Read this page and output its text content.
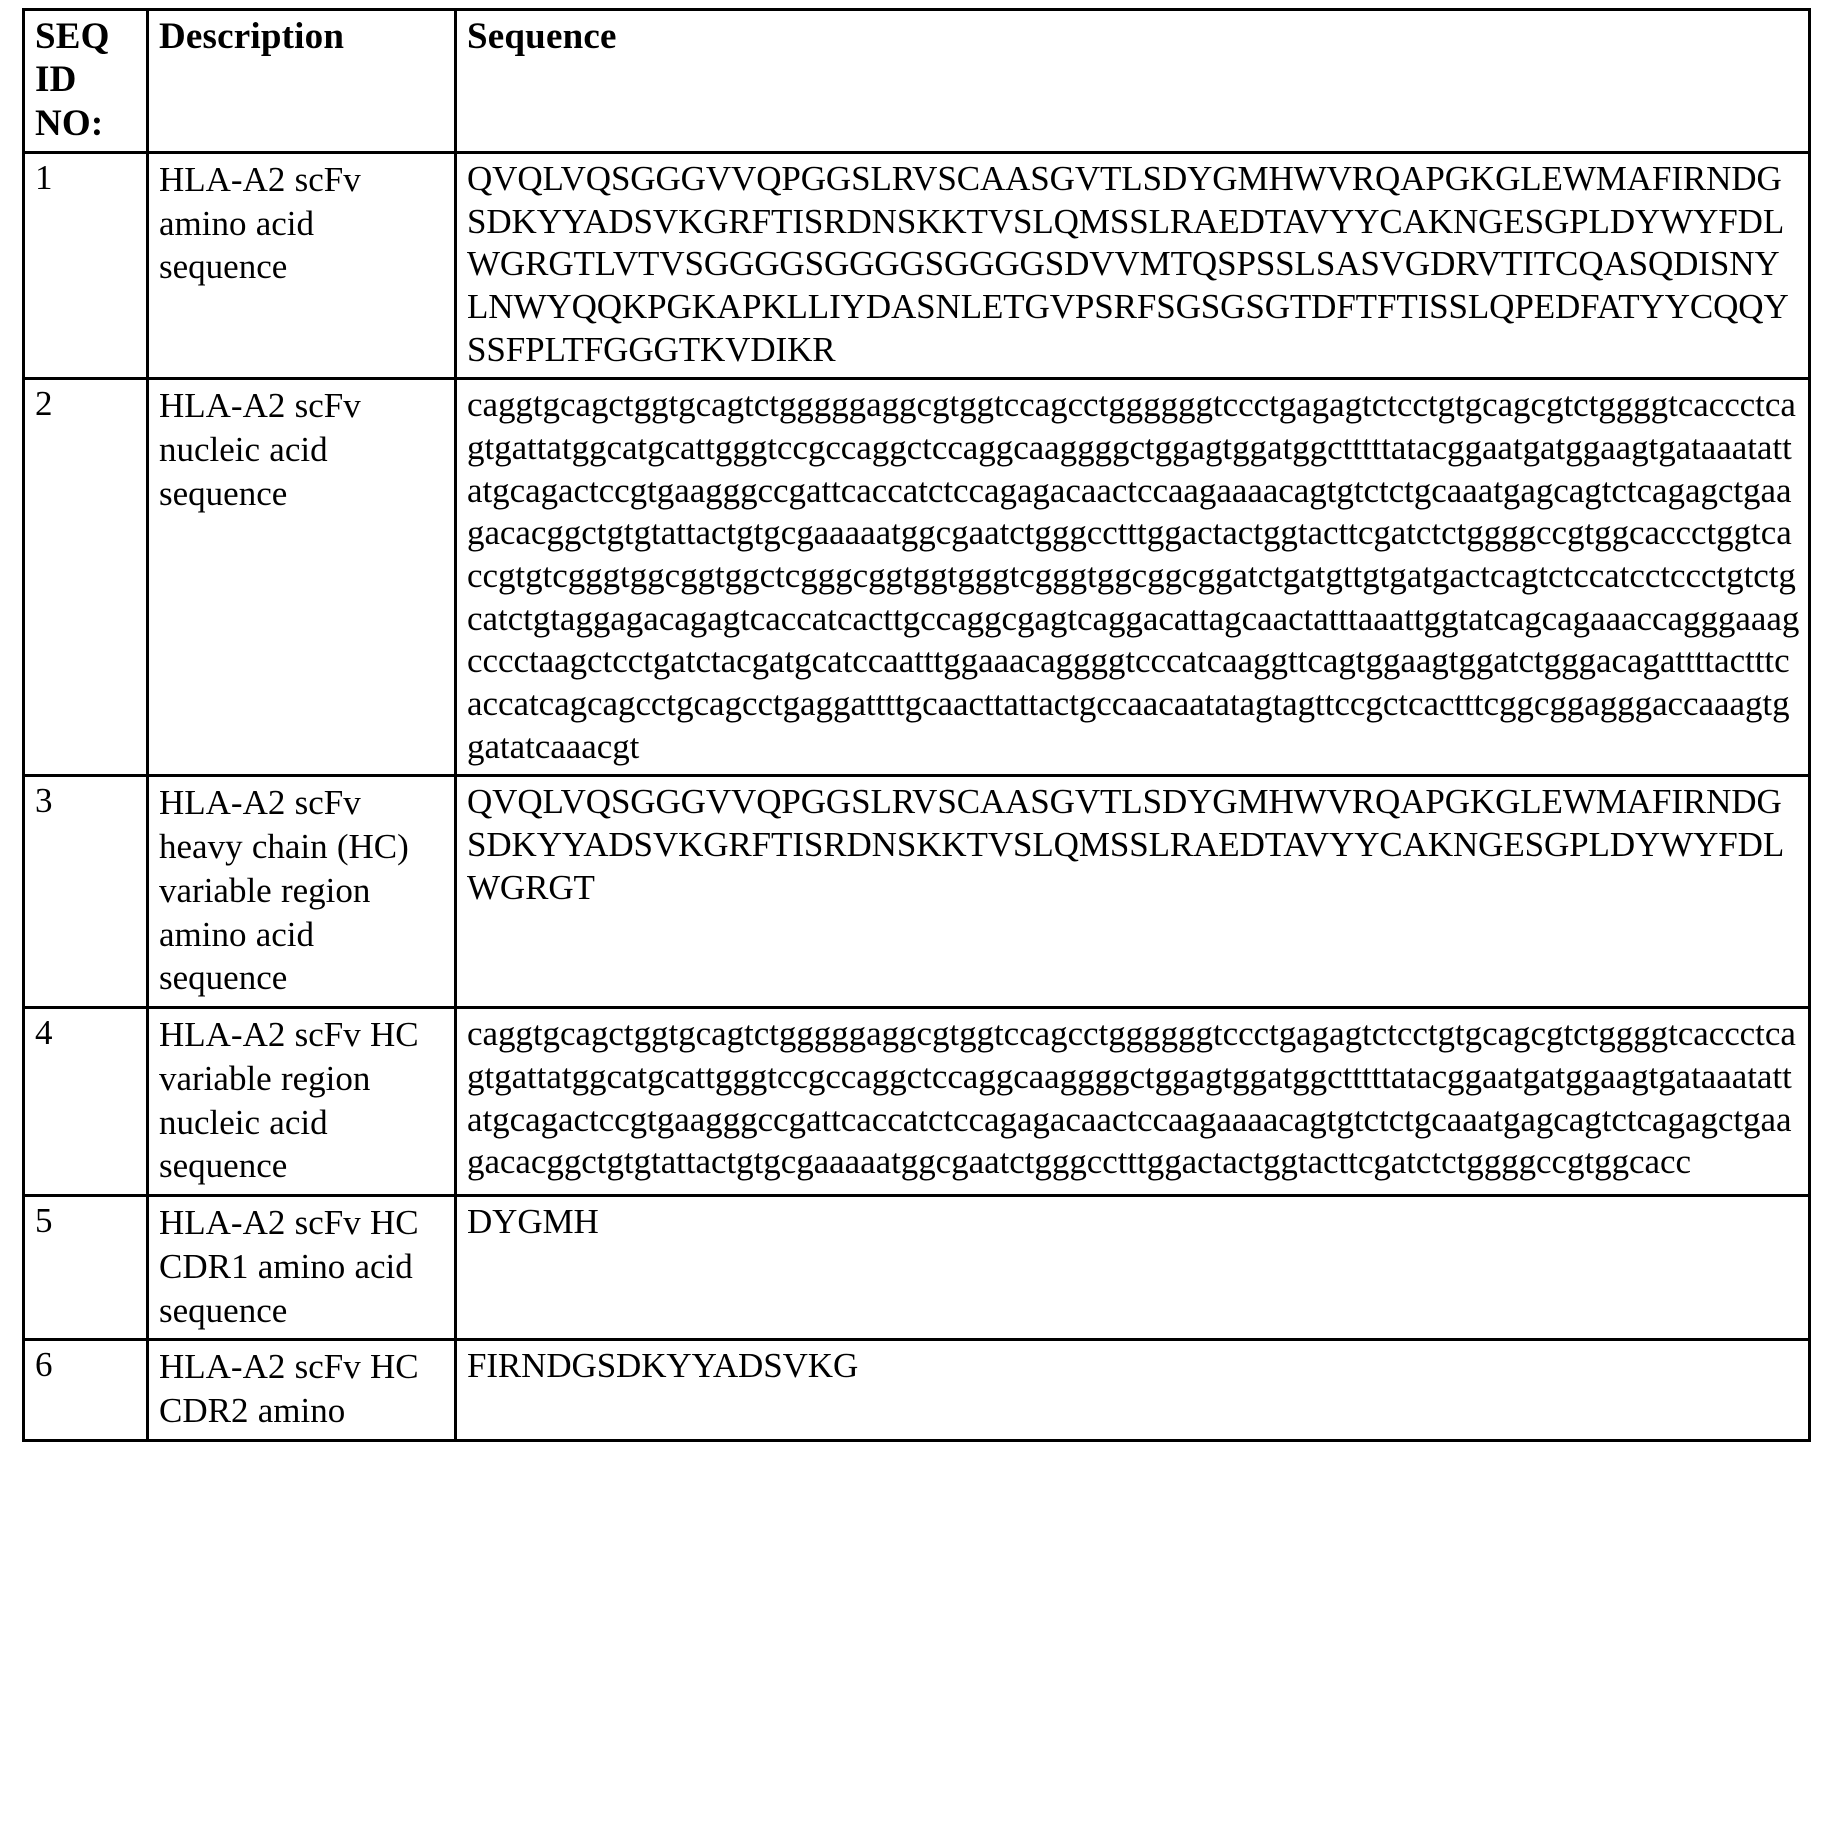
SEQ ID NO:	Description	Sequence
1	HLA-A2 scFv amino acid sequence	QVQLVQSGGGVVQPGGSLRVSCAASGVTLSDYGMHWVRQAPGKGLEWMAFIRNDGSDKYYADSVKGRFTISRDNSKKTVSLQMSSLRAEDTAVYYCAKNGESGPLDYWYFDLWGRGTLVTVSGGGGSGGGGSGGGGSDVVMTQSPSSLSASVGDRVTITCQASQDISNYLNWYQQKPGKAPKLLIYDASNLETGVPSRFSGSGSGTDFTFTISSLQPEDFATYYCQQYSSFPLTFGGGTKVDIKR

2	HLA-A2 scFv nucleic acid sequence	caggtgcagctggtgcagtctgggggaggcgtggtccagcctggggggtccctgagagtctcctgtgcagcgtctggggtcaccctcagtgattatggcatgcattgggtccgccaggctccaggcaaggggctggagtggatggctttttatacggaatgatggaagtgataaatattatgcagactccgtgaagggccgattcaccatctccagagacaactccaagaaaacagtgtctctgcaaatgagcagtctcagagctgaagacacggctgtgtattactgtgcgaaaaatggcgaatctgggcctttggactactggtacttcgatctctggggccgtggcaccctggtcaccgtgtcgggtggcggtggctcgggcggtggtgggtcgggtggcggcggatctgatgttgtgatgactcagtctccatcctccctgtctgcatctgtaggagacagagtcaccatcacttgccaggcgagtcaggacattagcaactatttaaattggtatcagcagaaaccagggaaagcccctaagctcctgatctacgatgcatccaatttggaaacaggggtcccatcaaggttcagtggaagtggatctgggacagattttactttcaccatcagcagcctgcagcctgaggattttgcaacttattactgccaacaatatagtagttccgctcactttcggcggagggaccaaagtggatatcaaacgt

3	HLA-A2 scFv heavy chain (HC) variable region amino acid sequence	QVQLVQSGGGVVQPGGSLRVSCAASGVTLSDYGMHWVRQAPGKGLEWMAFIRNDGSDKYYADSVKGRFTISRDNSKKTVSLQMSSLRAEDTAVYYCAKNGESGPLDYWYFDLWGRGT

4	HLA-A2 scFv HC variable region nucleic acid sequence	caggtgcagctggtgcagtctgggggaggcgtggtccagcctggggggtccctgagagtctcctgtgcagcgtctggggtcaccctcagtgattatggcatgcattgggtccgccaggctccaggcaaggggctggagtggatggctttttatacggaatgatggaagtgataaatattatgcagactccgtgaagggccgattcaccatctccagagacaactccaagaaaacagtgtctctgcaaatgagcagtctcagagctgaagacacggctgtgtattactgtgcgaaaaatggcgaatctgggcctttggactactggtacttcgatctctggggccgtggcacc

5	HLA-A2 scFv HC CDR1 amino acid sequence	DYGMH

6	HLA-A2 scFv HC CDR2 amino	FIRNDGSDKYYADSVKG
